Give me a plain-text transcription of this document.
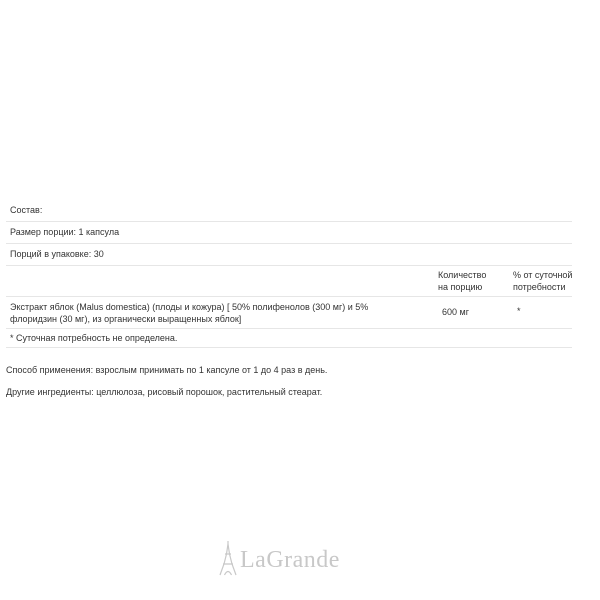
Состав:
Размер порции: 1 капсула
Порций в упаковке: 30
Количество
на порцию
% от суточной
потребности
Экстракт яблок (Malus domestica) (плоды и кожура) [ 50% полифенолов (300 мг) и 5%
флоридзин (30 мг), из органически выращенных яблок]
600 мг	*
* Суточная потребность не определена.
Способ применения: взрослым принимать по 1 капсуле от 1 до 4 раз в день.
Другие ингредиенты: целлюлоза, рисовый порошок, растительный стеарат.
LaGrande
